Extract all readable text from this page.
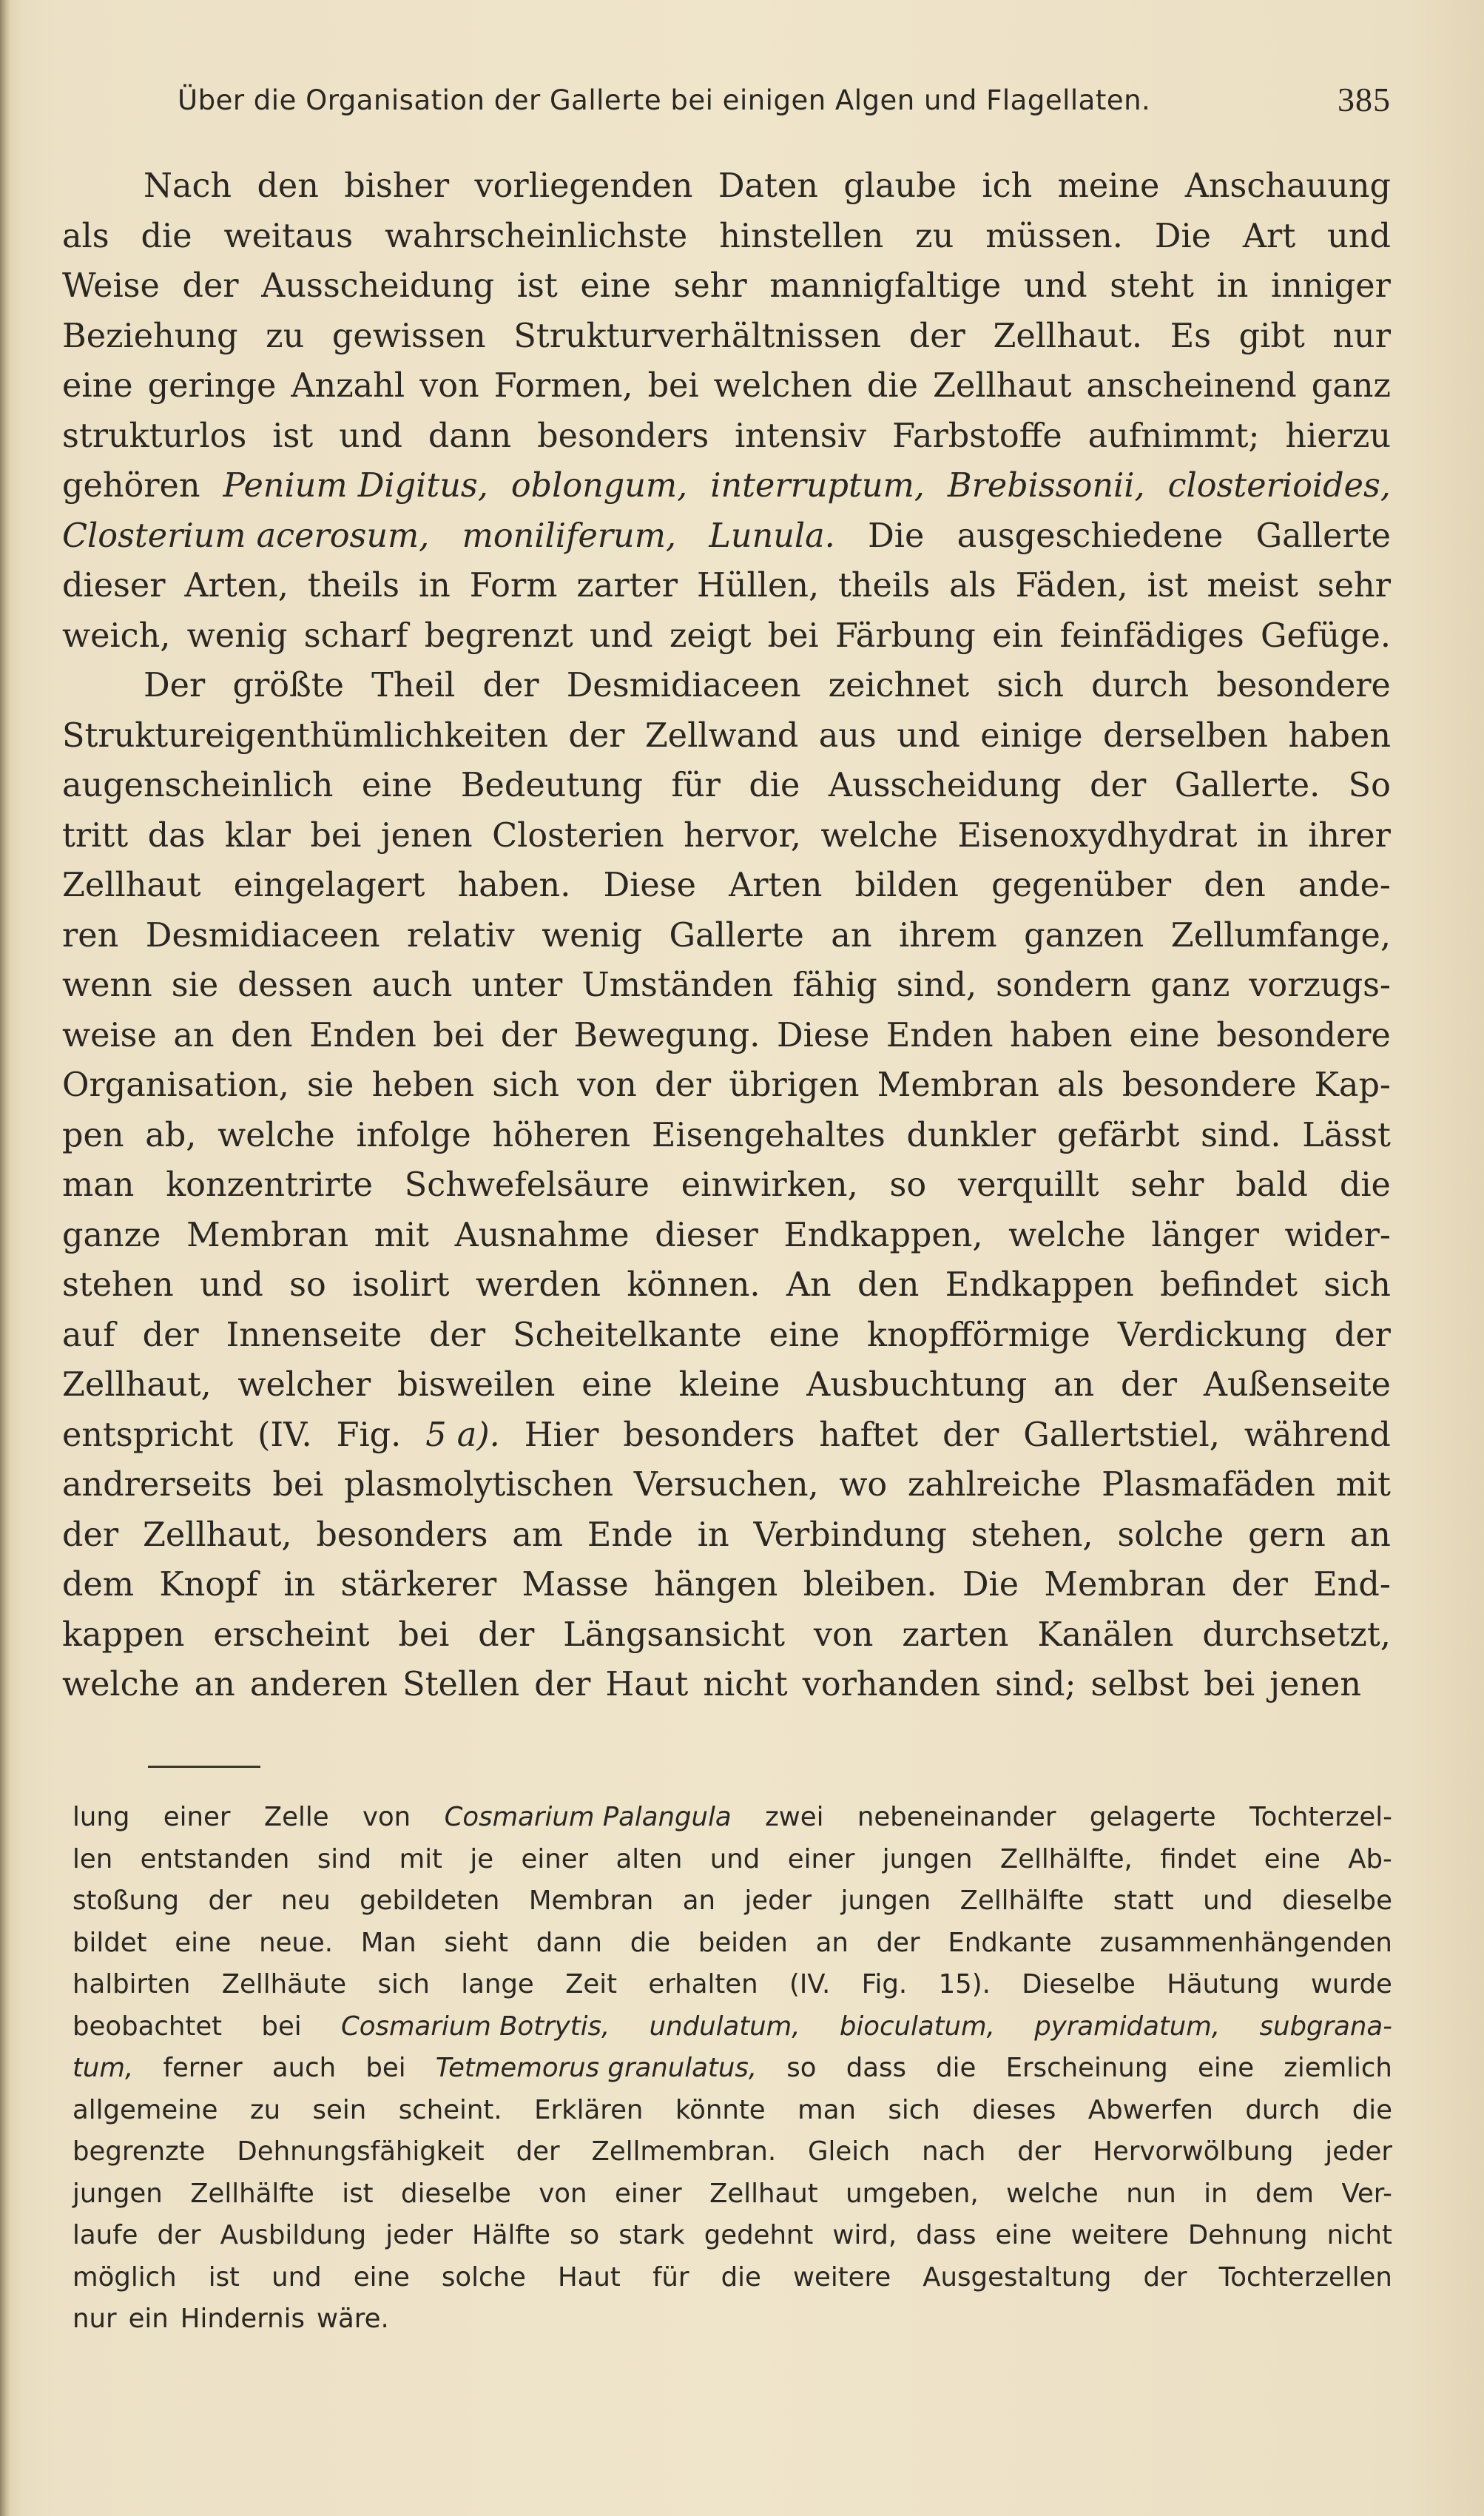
Über die Organisation der Gallerte bei einigen Algen und Flagellaten.	385
Nach den bisher vorliegenden Daten glaube ich meine Anschauung
als die weitaus wahrscheinlichste hinstellen zu müssen. Die Art und
Weise der Ausscheidung ist eine sehr mannigfaltige und steht in inniger
Beziehung zu gewissen Strukturverhältnissen der Zellhaut. Es gibt nur
eine geringe Anzahl von Formen, bei welchen die Zellhaut anscheinend ganz
strukturlos ist und dann besonders intensiv Farbstoffe aufnimmt; hierzu
gehören Penium Digitus, oblongum, interruptum, Brebissonii, closterioides,
Closterium acerosum, moniliferum, Lunula. Die ausgeschiedene Gallerte
dieser Arten, theils in Form zarter Hüllen, theils als Fäden, ist meist sehr
weich, wenig scharf begrenzt und zeigt bei Färbung ein feinfädiges Gefüge.
Der größte Theil der Desmidiaceen zeichnet sich durch besondere
Struktureigenthümlichkeiten der Zellwand aus und einige derselben haben
augenscheinlich eine Bedeutung für die Ausscheidung der Gallerte. So
tritt das klar bei jenen Closterien hervor, welche Eisenoxydhydrat in ihrer
Zellhaut eingelagert haben. Diese Arten bilden gegenüber den ande-
ren Desmidiaceen relativ wenig Gallerte an ihrem ganzen Zellumfange,
wenn sie dessen auch unter Umständen fähig sind, sondern ganz vorzugs-
weise an den Enden bei der Bewegung. Diese Enden haben eine besondere
Organisation, sie heben sich von der übrigen Membran als besondere Kap-
pen ab, welche infolge höheren Eisengehaltes dunkler gefärbt sind. Lässt
man konzentrirte Schwefelsäure einwirken, so verquillt sehr bald die
ganze Membran mit Ausnahme dieser Endkappen, welche länger wider-
stehen und so isolirt werden können. An den Endkappen befindet sich
auf der Innenseite der Scheitelkante eine knopfförmige Verdickung der
Zellhaut, welcher bisweilen eine kleine Ausbuchtung an der Außenseite
entspricht (IV. Fig. 5 a). Hier besonders haftet der Gallertstiel, während
andrerseits bei plasmolytischen Versuchen, wo zahlreiche Plasmafäden mit
der Zellhaut, besonders am Ende in Verbindung stehen, solche gern an
dem Knopf in stärkerer Masse hängen bleiben. Die Membran der End-
kappen erscheint bei der Längsansicht von zarten Kanälen durchsetzt,
welche an anderen Stellen der Haut nicht vorhanden sind; selbst bei jenen
lung einer Zelle von Cosmarium Palangula zwei nebeneinander gelagerte Tochterzel-
len entstanden sind mit je einer alten und einer jungen Zellhälfte, findet eine Ab-
stoßung der neu gebildeten Membran an jeder jungen Zellhälfte statt und dieselbe
bildet eine neue. Man sieht dann die beiden an der Endkante zusammenhängenden
halbirten Zellhäute sich lange Zeit erhalten (IV. Fig. 15). Dieselbe Häutung wurde
beobachtet bei Cosmarium Botrytis, undulatum, bioculatum, pyramidatum, subgrana-
tum, ferner auch bei Tetmemorus granulatus, so dass die Erscheinung eine ziemlich
allgemeine zu sein scheint. Erklären könnte man sich dieses Abwerfen durch die
begrenzte Dehnungsfähigkeit der Zellmembran. Gleich nach der Hervorwölbung jeder
jungen Zellhälfte ist dieselbe von einer Zellhaut umgeben, welche nun in dem Ver-
laufe der Ausbildung jeder Hälfte so stark gedehnt wird, dass eine weitere Dehnung nicht
möglich ist und eine solche Haut für die weitere Ausgestaltung der Tochterzellen
nur ein Hindernis wäre.
